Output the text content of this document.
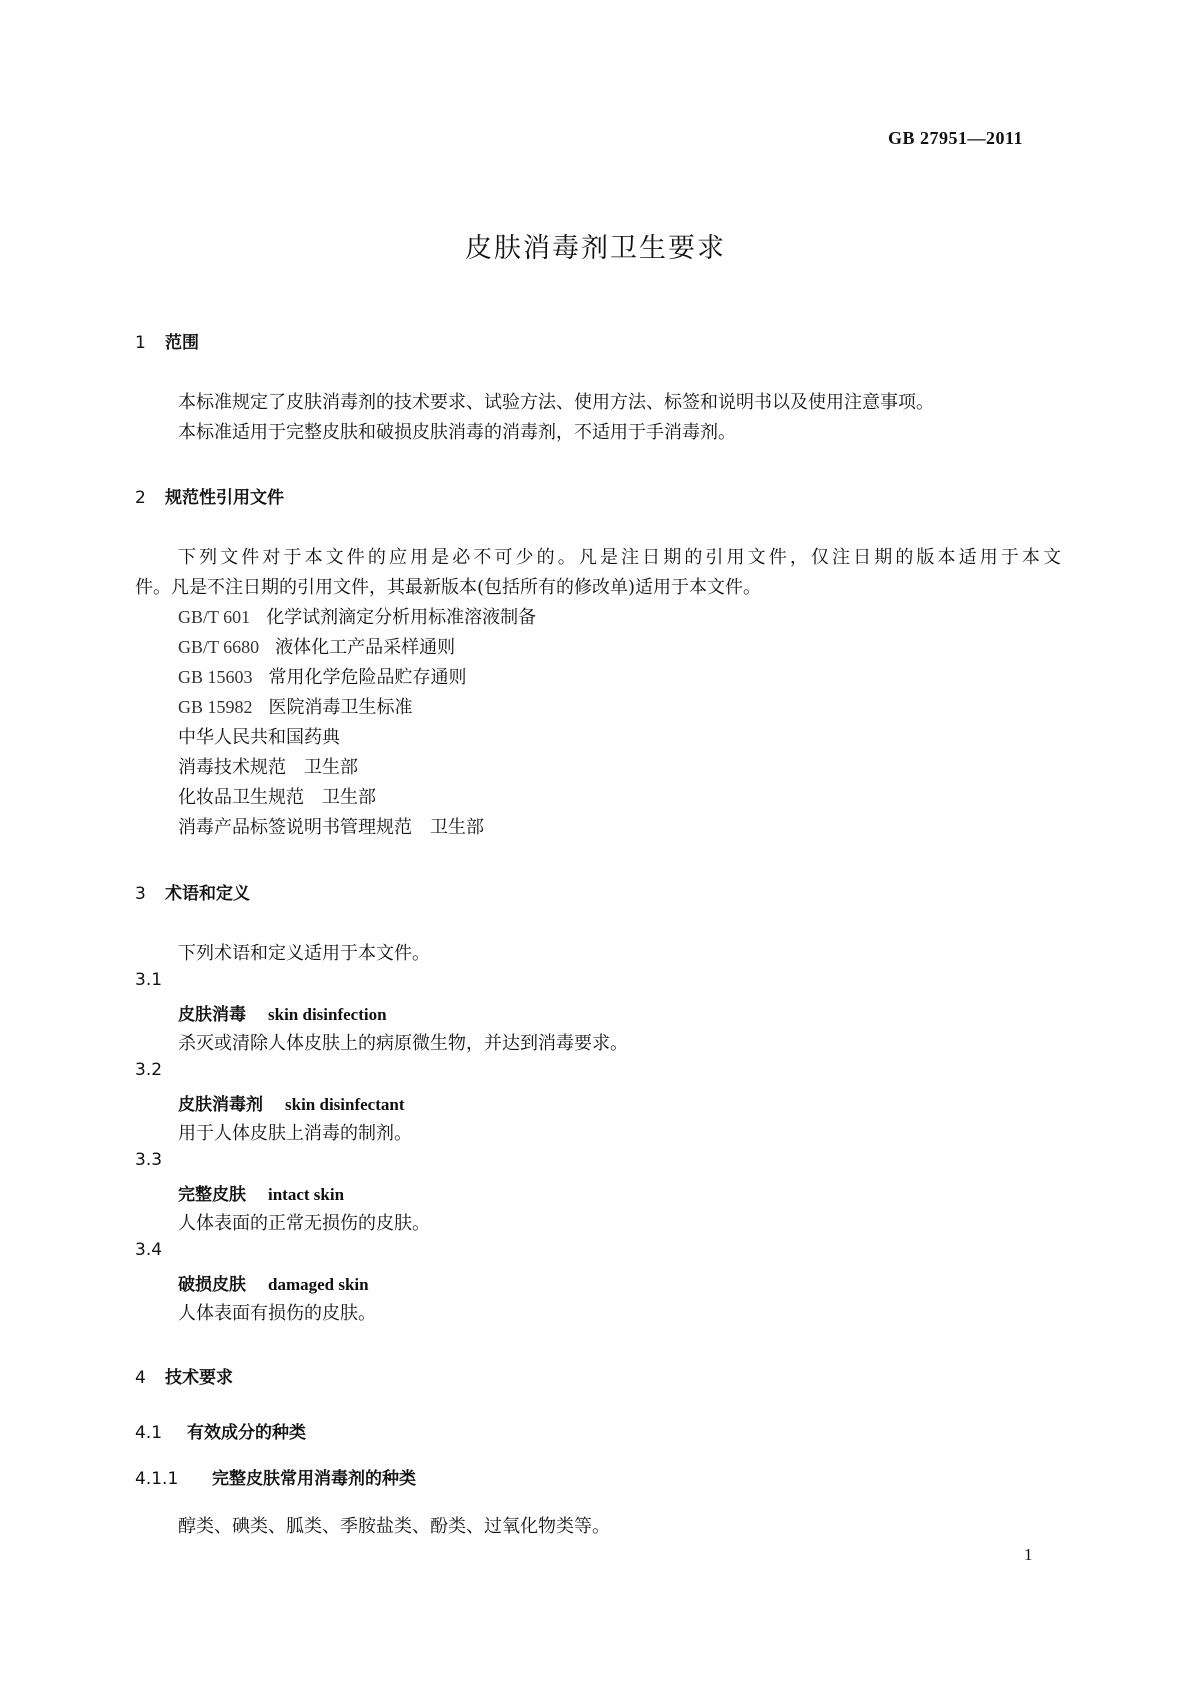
GB 27951—2011
皮肤消毒剂卫生要求
1 范围
本标准规定了皮肤消毒剂的技术要求、试验方法、使用方法、标签和说明书以及使用注意事项。
本标准适用于完整皮肤和破损皮肤消毒的消毒剂，不适用于手消毒剂。
2 规范性引用文件
下列文件对于本文件的应用是必不可少的。凡是注日期的引用文件，仅注日期的版本适用于本文
件。凡是不注日期的引用文件，其最新版本(包括所有的修改单)适用于本文件。
GB/T 601 化学试剂滴定分析用标准溶液制备
GB/T 6680 液体化工产品采样通则
GB 15603 常用化学危险品贮存通则
GB 15982 医院消毒卫生标准
中华人民共和国药典
消毒技术规范　卫生部
化妆品卫生规范　卫生部
消毒产品标签说明书管理规范　卫生部
3 术语和定义
下列术语和定义适用于本文件。
3.1
皮肤消毒 skin disinfection
杀灭或清除人体皮肤上的病原微生物，并达到消毒要求。
3.2
皮肤消毒剂 skin disinfectant
用于人体皮肤上消毒的制剂。
3.3
完整皮肤 intact skin
人体表面的正常无损伤的皮肤。
3.4
破损皮肤 damaged skin
人体表面有损伤的皮肤。
4 技术要求
4.1 有效成分的种类
4.1.1 完整皮肤常用消毒剂的种类
醇类、碘类、胍类、季胺盐类、酚类、过氧化物类等。
1
